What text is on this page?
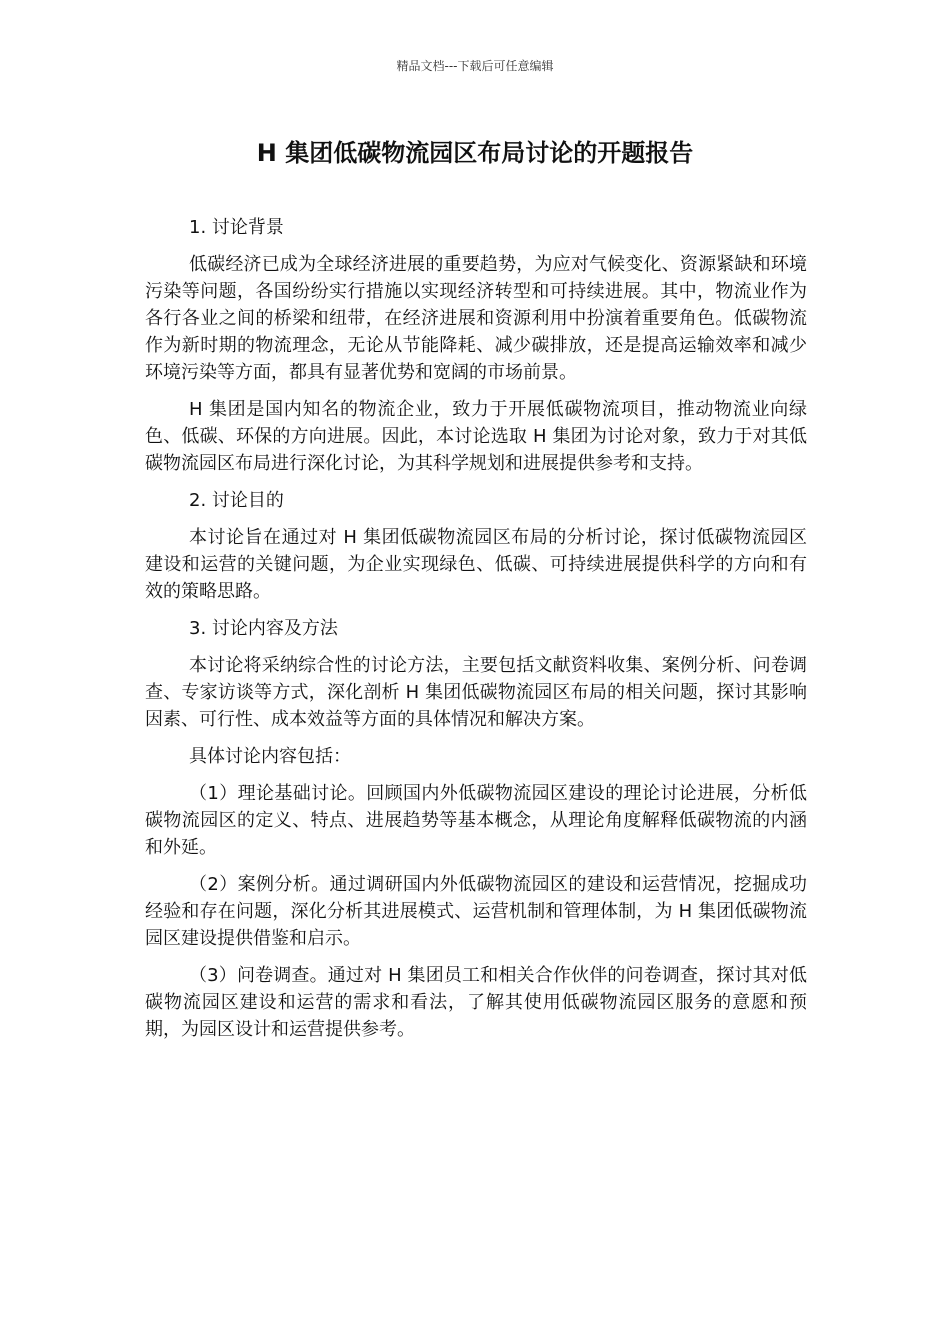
精品文档---下载后可任意编辑
H 集团低碳物流园区布局讨论的开题报告

1. 讨论背景

低碳经济已成为全球经济进展的重要趋势，为应对气候变化、资源紧缺和环境污染等问题，各国纷纷实行措施以实现经济转型和可持续进展。其中，物流业作为各行各业之间的桥梁和纽带，在经济进展和资源利用中扮演着重要角色。低碳物流作为新时期的物流理念，无论从节能降耗、减少碳排放，还是提高运输效率和减少环境污染等方面，都具有显著优势和宽阔的市场前景。

H 集团是国内知名的物流企业，致力于开展低碳物流项目，推动物流业向绿色、低碳、环保的方向进展。因此，本讨论选取 H 集团为讨论对象，致力于对其低碳物流园区布局进行深化讨论，为其科学规划和进展提供参考和支持。

2. 讨论目的

本讨论旨在通过对 H 集团低碳物流园区布局的分析讨论，探讨低碳物流园区建设和运营的关键问题，为企业实现绿色、低碳、可持续进展提供科学的方向和有效的策略思路。

3. 讨论内容及方法

本讨论将采纳综合性的讨论方法，主要包括文献资料收集、案例分析、问卷调查、专家访谈等方式，深化剖析 H 集团低碳物流园区布局的相关问题，探讨其影响因素、可行性、成本效益等方面的具体情况和解决方案。

具体讨论内容包括：

（1）理论基础讨论。回顾国内外低碳物流园区建设的理论讨论进展，分析低碳物流园区的定义、特点、进展趋势等基本概念，从理论角度解释低碳物流的内涵和外延。

（2）案例分析。通过调研国内外低碳物流园区的建设和运营情况，挖掘成功经验和存在问题，深化分析其进展模式、运营机制和管理体制，为 H 集团低碳物流园区建设提供借鉴和启示。

（3）问卷调查。通过对 H 集团员工和相关合作伙伴的问卷调查，探讨其对低碳物流园区建设和运营的需求和看法，了解其使用低碳物流园区服务的意愿和预期，为园区设计和运营提供参考。
